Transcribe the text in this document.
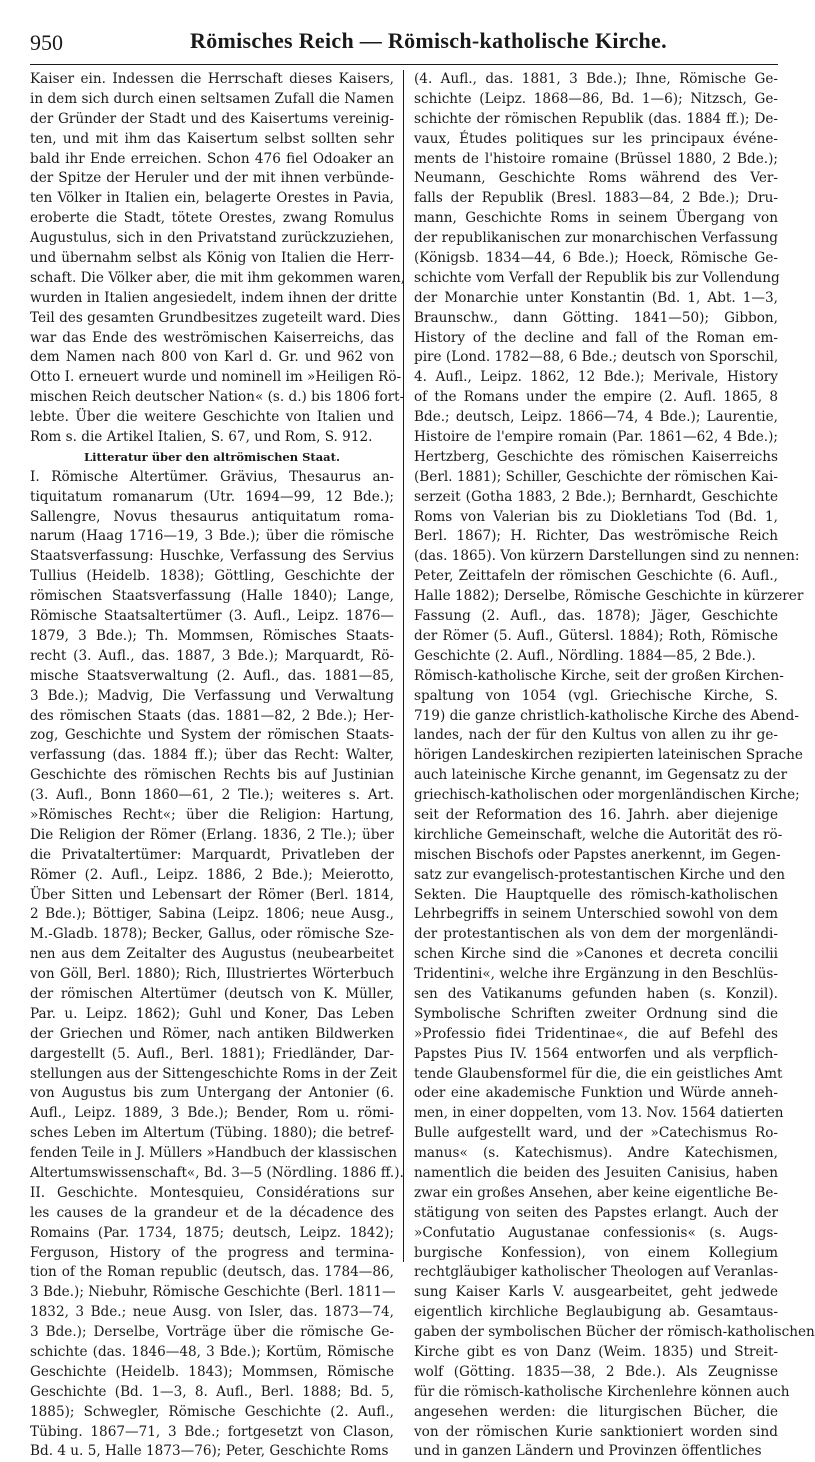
950	Römisches Reich — Römisch-katholische Kirche.
Kaiser ein. Indessen die Herrschaft dieses Kaisers,
in dem sich durch einen seltsamen Zufall die Namen
der Gründer der Stadt und des Kaisertums vereinig-
ten, und mit ihm das Kaisertum selbst sollten sehr
bald ihr Ende erreichen. Schon 476 fiel Odoaker an
der Spitze der Heruler und der mit ihnen verbünde-
ten Völker in Italien ein, belagerte Orestes in Pavia,
eroberte die Stadt, tötete Orestes, zwang Romulus
Augustulus, sich in den Privatstand zurückzuziehen,
und übernahm selbst als König von Italien die Herr-
schaft. Die Völker aber, die mit ihm gekommen waren,
wurden in Italien angesiedelt, indem ihnen der dritte
Teil des gesamten Grundbesitzes zugeteilt ward. Dies
war das Ende des weströmischen Kaiserreichs, das
dem Namen nach 800 von Karl d. Gr. und 962 von
Otto I. erneuert wurde und nominell im »Heiligen Rö-
mischen Reich deutscher Nation« (s. d.) bis 1806 fort-
lebte. Über die weitere Geschichte von Italien und
Rom s. die Artikel Italien, S. 67, und Rom, S. 912.
Litteratur über den altrömischen Staat.
I. Römische Altertümer. Grävius, Thesaurus an-
tiquitatum romanarum (Utr. 1694—99, 12 Bde.);
Sallengre, Novus thesaurus antiquitatum roma-
narum (Haag 1716—19, 3 Bde.); über die römische
Staatsverfassung: Huschke, Verfassung des Servius
Tullius (Heidelb. 1838); Göttling, Geschichte der
römischen Staatsverfassung (Halle 1840); Lange,
Römische Staatsaltertümer (3. Aufl., Leipz. 1876—
1879, 3 Bde.); Th. Mommsen, Römisches Staats-
recht (3. Aufl., das. 1887, 3 Bde.); Marquardt, Rö-
mische Staatsverwaltung (2. Aufl., das. 1881—85,
3 Bde.); Madvig, Die Verfassung und Verwaltung
des römischen Staats (das. 1881—82, 2 Bde.); Her-
zog, Geschichte und System der römischen Staats-
verfassung (das. 1884 ff.); über das Recht: Walter,
Geschichte des römischen Rechts bis auf Justinian
(3. Aufl., Bonn 1860—61, 2 Tle.); weiteres s. Art.
»Römisches Recht«; über die Religion: Hartung,
Die Religion der Römer (Erlang. 1836, 2 Tle.); über
die Privataltertümer: Marquardt, Privatleben der
Römer (2. Aufl., Leipz. 1886, 2 Bde.); Meierotto,
Über Sitten und Lebensart der Römer (Berl. 1814,
2 Bde.); Böttiger, Sabina (Leipz. 1806; neue Ausg.,
M.-Gladb. 1878); Becker, Gallus, oder römische Sze-
nen aus dem Zeitalter des Augustus (neubearbeitet
von Göll, Berl. 1880); Rich, Illustriertes Wörterbuch
der römischen Altertümer (deutsch von K. Müller,
Par. u. Leipz. 1862); Guhl und Koner, Das Leben
der Griechen und Römer, nach antiken Bildwerken
dargestellt (5. Aufl., Berl. 1881); Friedländer, Dar-
stellungen aus der Sittengeschichte Roms in der Zeit
von Augustus bis zum Untergang der Antonier (6.
Aufl., Leipz. 1889, 3 Bde.); Bender, Rom u. römi-
sches Leben im Altertum (Tübing. 1880); die betref-
fenden Teile in J. Müllers »Handbuch der klassischen
Altertumswissenschaft«, Bd. 3—5 (Nördling. 1886 ff.).
II. Geschichte. Montesquieu, Considérations sur
les causes de la grandeur et de la décadence des
Romains (Par. 1734, 1875; deutsch, Leipz. 1842);
Ferguson, History of the progress and termina-
tion of the Roman republic (deutsch, das. 1784—86,
3 Bde.); Niebuhr, Römische Geschichte (Berl. 1811—
1832, 3 Bde.; neue Ausg. von Isler, das. 1873—74,
3 Bde.); Derselbe, Vorträge über die römische Ge-
schichte (das. 1846—48, 3 Bde.); Kortüm, Römische
Geschichte (Heidelb. 1843); Mommsen, Römische
Geschichte (Bd. 1—3, 8. Aufl., Berl. 1888; Bd. 5,
1885); Schwegler, Römische Geschichte (2. Aufl.,
Tübing. 1867—71, 3 Bde.; fortgesetzt von Clason,
Bd. 4 u. 5, Halle 1873—76); Peter, Geschichte Roms
(4. Aufl., das. 1881, 3 Bde.); Ihne, Römische Ge-
schichte (Leipz. 1868—86, Bd. 1—6); Nitzsch, Ge-
schichte der römischen Republik (das. 1884 ff.); De-
vaux, Études politiques sur les principaux événe-
ments de l'histoire romaine (Brüssel 1880, 2 Bde.);
Neumann, Geschichte Roms während des Ver-
falls der Republik (Bresl. 1883—84, 2 Bde.); Dru-
mann, Geschichte Roms in seinem Übergang von
der republikanischen zur monarchischen Verfassung
(Königsb. 1834—44, 6 Bde.); Hoeck, Römische Ge-
schichte vom Verfall der Republik bis zur Vollendung
der Monarchie unter Konstantin (Bd. 1, Abt. 1—3,
Braunschw., dann Götting. 1841—50); Gibbon,
History of the decline and fall of the Roman em-
pire (Lond. 1782—88, 6 Bde.; deutsch von Sporschil,
4. Aufl., Leipz. 1862, 12 Bde.); Merivale, History
of the Romans under the empire (2. Aufl. 1865, 8
Bde.; deutsch, Leipz. 1866—74, 4 Bde.); Laurentie,
Histoire de l'empire romain (Par. 1861—62, 4 Bde.);
Hertzberg, Geschichte des römischen Kaiserreichs
(Berl. 1881); Schiller, Geschichte der römischen Kai-
serzeit (Gotha 1883, 2 Bde.); Bernhardt, Geschichte
Roms von Valerian bis zu Diokletians Tod (Bd. 1,
Berl. 1867); H. Richter, Das weströmische Reich
(das. 1865). Von kürzern Darstellungen sind zu nennen:
Peter, Zeittafeln der römischen Geschichte (6. Aufl.,
Halle 1882); Derselbe, Römische Geschichte in kürzerer
Fassung (2. Aufl., das. 1878); Jäger, Geschichte
der Römer (5. Aufl., Gütersl. 1884); Roth, Römische
Geschichte (2. Aufl., Nördling. 1884—85, 2 Bde.).
Römisch-katholische Kirche, seit der großen Kirchen-
spaltung von 1054 (vgl. Griechische Kirche, S.
719) die ganze christlich-katholische Kirche des Abend-
landes, nach der für den Kultus von allen zu ihr ge-
hörigen Landeskirchen rezipierten lateinischen Sprache
auch lateinische Kirche genannt, im Gegensatz zu der
griechisch-katholischen oder morgenländischen Kirche;
seit der Reformation des 16. Jahrh. aber diejenige
kirchliche Gemeinschaft, welche die Autorität des rö-
mischen Bischofs oder Papstes anerkennt, im Gegen-
satz zur evangelisch-protestantischen Kirche und den
Sekten. Die Hauptquelle des römisch-katholischen
Lehrbegriffs in seinem Unterschied sowohl von dem
der protestantischen als von dem der morgenländi-
schen Kirche sind die »Canones et decreta concilii
Tridentini«, welche ihre Ergänzung in den Beschlüs-
sen des Vatikanums gefunden haben (s. Konzil).
Symbolische Schriften zweiter Ordnung sind die
»Professio fidei Tridentinae«, die auf Befehl des
Papstes Pius IV. 1564 entworfen und als verpflich-
tende Glaubensformel für die, die ein geistliches Amt
oder eine akademische Funktion und Würde anneh-
men, in einer doppelten, vom 13. Nov. 1564 datierten
Bulle aufgestellt ward, und der »Catechismus Ro-
manus« (s. Katechismus). Andre Katechismen,
namentlich die beiden des Jesuiten Canisius, haben
zwar ein großes Ansehen, aber keine eigentliche Be-
stätigung von seiten des Papstes erlangt. Auch der
»Confutatio Augustanae confessionis« (s. Augs-
burgische Konfession), von einem Kollegium
rechtgläubiger katholischer Theologen auf Veranlas-
sung Kaiser Karls V. ausgearbeitet, geht jedwede
eigentlich kirchliche Beglaubigung ab. Gesamtaus-
gaben der symbolischen Bücher der römisch-katholischen
Kirche gibt es von Danz (Weim. 1835) und Streit-
wolf (Götting. 1835—38, 2 Bde.). Als Zeugnisse
für die römisch-katholische Kirchenlehre können auch
angesehen werden: die liturgischen Bücher, die
von der römischen Kurie sanktioniert worden sind
und in ganzen Ländern und Provinzen öffentliches
